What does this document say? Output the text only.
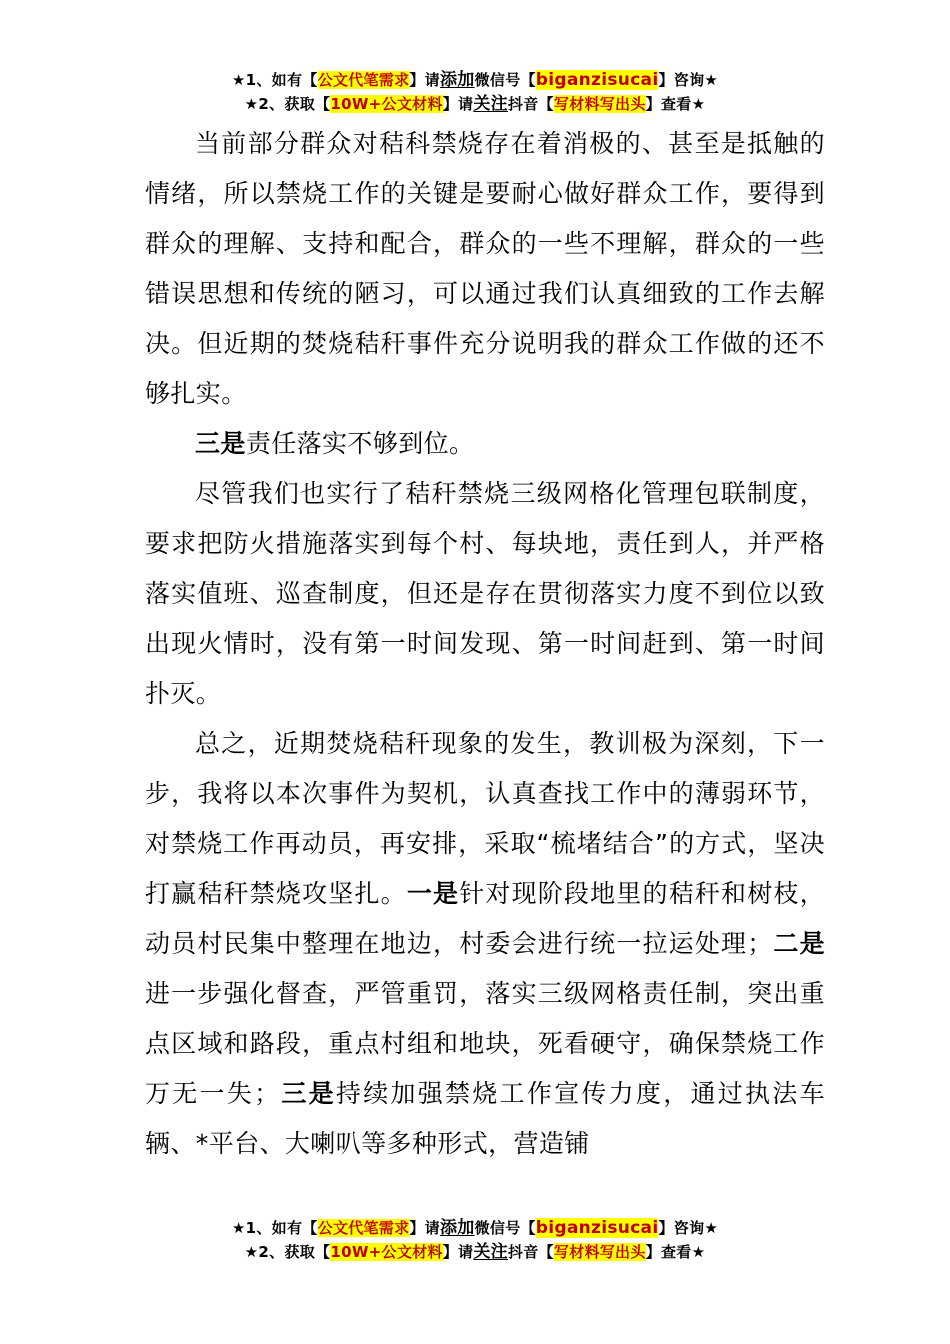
★1、如有【公文代笔需求】请添加微信号【biganzisucai】咨询★
★2、获取【10W+公文材料】请关注抖音【写材料写出头】查看★

当前部分群众对秸科禁烧存在着消极的、甚至是抵触的情绪，所以禁烧工作的关键是要耐心做好群众工作，要得到群众的理解、支持和配合，群众的一些不理解，群众的一些错误思想和传统的陋习，可以通过我们认真细致的工作去解决。但近期的焚烧秸秆事件充分说明我的群众工作做的还不够扎实。

三是责任落实不够到位。

尽管我们也实行了秸秆禁烧三级网格化管理包联制度，要求把防火措施落实到每个村、每块地，责任到人，并严格落实值班、巡查制度，但还是存在贯彻落实力度不到位以致出现火情时，没有第一时间发现、第一时间赶到、第一时间扑灭。

总之，近期焚烧秸秆现象的发生，教训极为深刻，下一步，我将以本次事件为契机，认真查找工作中的薄弱环节，对禁烧工作再动员，再安排，采取“梳堵结合”的方式，坚决打赢秸秆禁烧攻坚扎。一是针对现阶段地里的秸秆和树枝，动员村民集中整理在地边，村委会进行统一拉运处理；二是进一步强化督查，严管重罚，落实三级网格责任制，突出重点区域和路段，重点村组和地块，死看硬守，确保禁烧工作万无一失；三是持续加强禁烧工作宣传力度，通过执法车辆、*平台、大喇叭等多种形式，营造铺

★1、如有【公文代笔需求】请添加微信号【biganzisucai】咨询★
★2、获取【10W+公文材料】请关注抖音【写材料写出头】查看★
